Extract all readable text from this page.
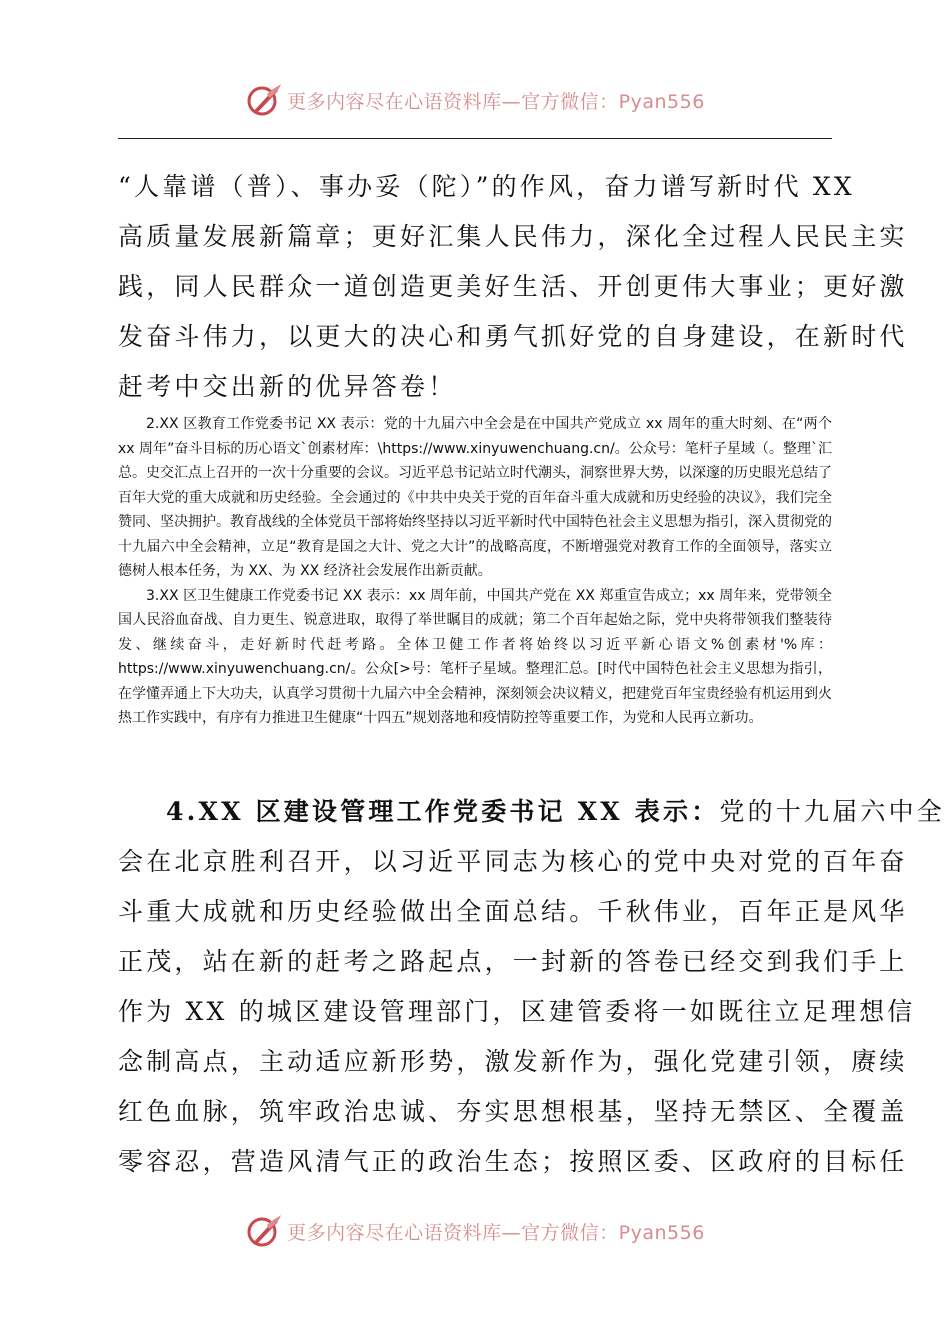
更多内容尽在心语资料库—官方微信：Pyan556
“人靠谱（普）、事办妥（陀）”的作风，奋力谱写新时代 XX
高质量发展新篇章；更好汇集人民伟力，深化全过程人民民主实
践，同人民群众一道创造更美好生活、开创更伟大事业；更好激
发奋斗伟力，以更大的决心和勇气抓好党的自身建设，在新时代
赶考中交出新的优异答卷！

2.XX 区教育工作党委书记 XX 表示：党的十九届六中全会是在中国共产党成立 xx 周年的重大时刻、在“两个 xx 周年”奋斗目标的历心语文`创素材库：\https://www.xinyuwenchuang.cn/。公众号：笔杆子星域（。整理`汇总。史交汇点上召开的一次十分重要的会议。习近平总书记站立时代潮头，洞察世界大势，以深邃的历史眼光总结了百年大党的重大成就和历史经验。全会通过的《中共中央关于党的百年奋斗重大成就和历史经验的决议》，我们完全赞同、坚决拥护。教育战线的全体党员干部将始终坚持以习近平新时代中国特色社会主义思想为指引，深入贯彻党的十九届六中全会精神，立足“教育是国之大计、党之大计”的战略高度，不断增强党对教育工作的全面领导，落实立德树人根本任务，为 XX、为 XX 经济社会发展作出新贡献。

3.XX 区卫生健康工作党委书记 XX 表示：xx 周年前，中国共产党在 XX 郑重宣告成立；xx 周年来，党带领全国人民浴血奋战、自力更生、锐意进取，取得了举世瞩目的成就；第二个百年起始之际，党中央将带领我们整装待发、继续奋斗，走好新时代赶考路。全体卫健工作者将始终以习近平新心语文%创素材'%库：https://www.xinyuwenchuang.cn/。公众[>号：笔杆子星域。整理汇总。[时代中国特色社会主义思想为指引，在学懂弄通上下大功夫，认真学习贯彻十九届六中全会精神，深刻领会决议精义，把建党百年宝贵经验有机运用到火热工作实践中，有序有力推进卫生健康“十四五”规划落地和疫情防控等重要工作，为党和人民再立新功。

4.XX 区建设管理工作党委书记 XX 表示：党的十九届六中全
会在北京胜利召开，以习近平同志为核心的党中央对党的百年奋
斗重大成就和历史经验做出全面总结。千秋伟业，百年正是风华
正茂，站在新的赶考之路起点，一封新的答卷已经交到我们手上
作为 XX 的城区建设管理部门，区建管委将一如既往立足理想信
念制高点，主动适应新形势，激发新作为，强化党建引领，赓续
红色血脉，筑牢政治忠诚、夯实思想根基，坚持无禁区、全覆盖
零容忍，营造风清气正的政治生态；按照区委、区政府的目标任
更多内容尽在心语资料库—官方微信：Pyan556
